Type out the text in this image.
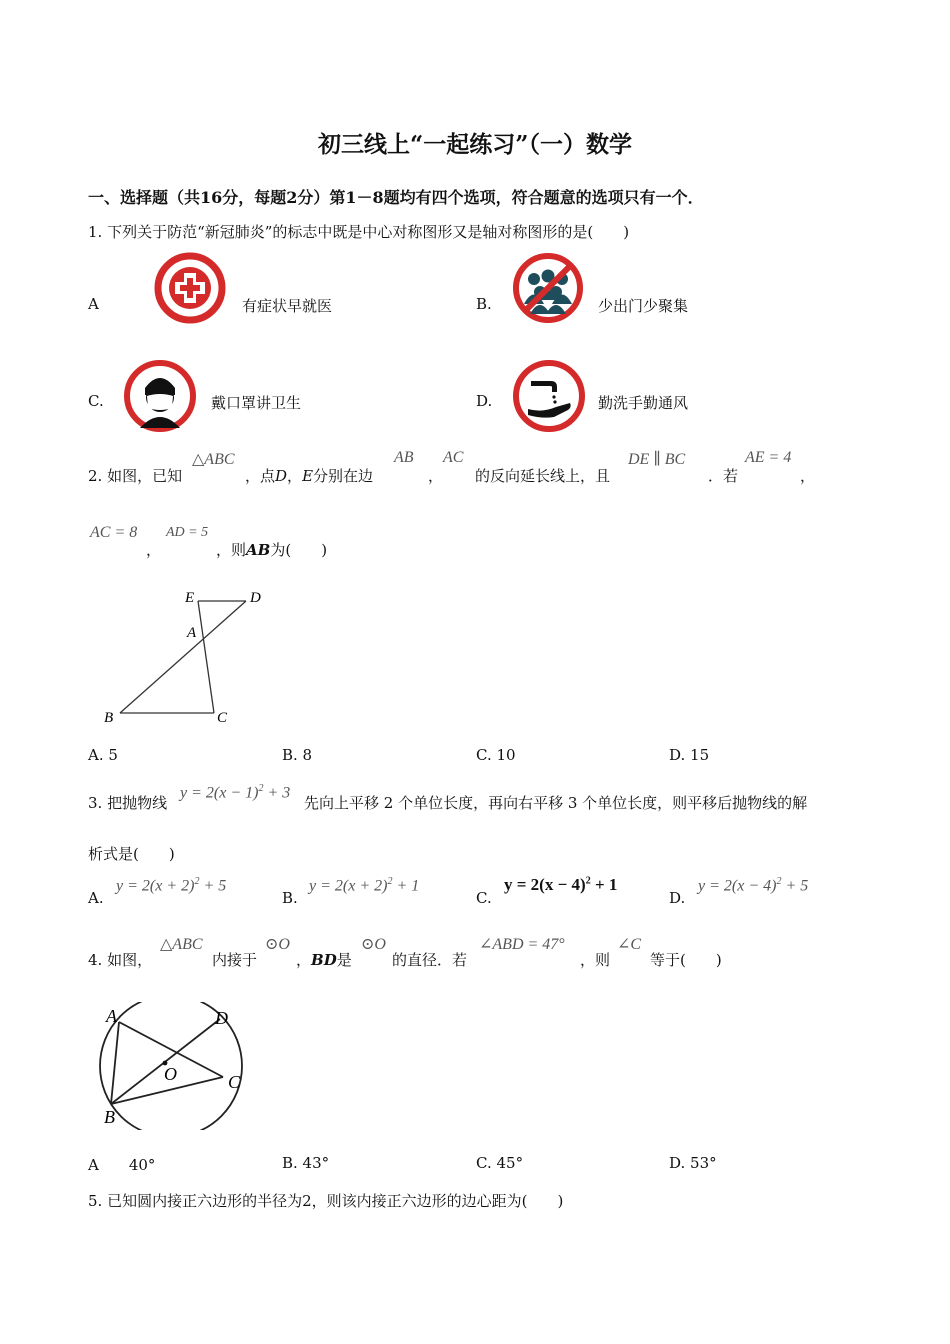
初三线上“一起练习”（一）数学
一、选择题（共16分，每题2分）第1－8题均有四个选项，符合题意的选项只有一个．
1. 下列关于防范“新冠肺炎”的标志中既是中心对称图形又是轴对称图形的是(　　)
A	有症状早就医	B.	少出门少聚集
C.	戴口罩讲卫生	D.	勤洗手勤通风
2. 如图，已知
△ABC
，点D，E分别在边
AB
，
AC
的反向延长线上，且
DE ∥ BC
．若
AE = 4
，
AC = 8
，
AD = 5
，则AB为(　　)
E	D
A
B	C
A. 5	B. 8	C. 10	D. 15
3. 把抛物线
$y = 2(x - 1)^2 + 3$
先向上平移 2 个单位长度，再向右平移 3 个单位长度，则平移后抛物线的解
析式是(　　)
A.
$y = 2(x + 2)^2 + 5$
B.
$y = 2(x + 2)^2 + 1$
C.
$y = 2(x - 4)^2 + 1$
D.
$y = 2(x - 4)^2 + 5$
4. 如图，
△ABC
内接于
⊙O
，BD是
⊙O
的直径．若
∠ABD = 47°
，则
∠C
等于(　　)
A	D
O	C
B
A　　40°	B. 43°	C. 45°	D. 53°
5. 已知圆内接正六边形的半径为2，则该内接正六边形的边心距为(　　)
